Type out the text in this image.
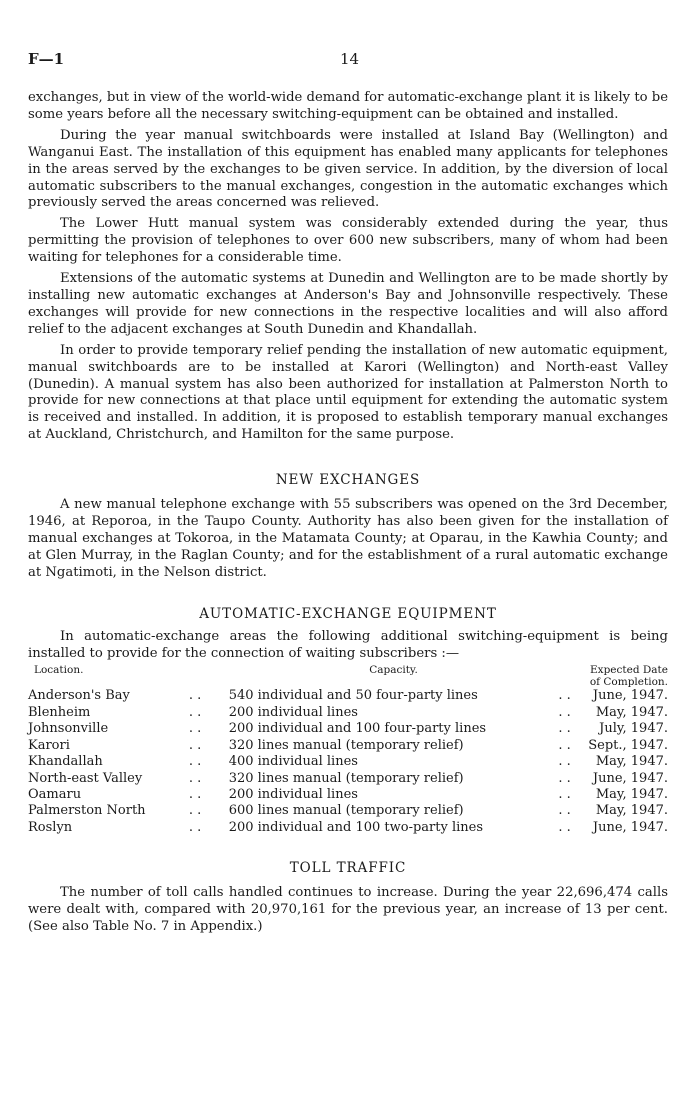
F—1	14

exchanges, but in view of the world-wide demand for automatic-exchange plant it is likely to be some years before all the necessary switching-equipment can be obtained and installed.

During the year manual switchboards were installed at Island Bay (Wellington) and Wanganui East. The installation of this equipment has enabled many applicants for telephones in the areas served by the exchanges to be given service. In addition, by the diversion of local automatic subscribers to the manual exchanges, congestion in the automatic exchanges which previously served the areas concerned was relieved.

The Lower Hutt manual system was considerably extended during the year, thus permitting the provision of telephones to over 600 new subscribers, many of whom had been waiting for telephones for a considerable time.

Extensions of the automatic systems at Dunedin and Wellington are to be made shortly by installing new automatic exchanges at Anderson's Bay and Johnsonville respectively. These exchanges will provide for new connections in the respective localities and will also afford relief to the adjacent exchanges at South Dunedin and Khandallah.

In order to provide temporary relief pending the installation of new automatic equipment, manual switchboards are to be installed at Karori (Wellington) and North-east Valley (Dunedin). A manual system has also been authorized for installation at Palmerston North to provide for new connections at that place until equipment for extending the automatic system is received and installed. In addition, it is proposed to establish temporary manual exchanges at Auckland, Christchurch, and Hamilton for the same purpose.

NEW EXCHANGES

A new manual telephone exchange with 55 subscribers was opened on the 3rd December, 1946, at Reporoa, in the Taupo County. Authority has also been given for the installation of manual exchanges at Tokoroa, in the Matamata County; at Oparau, in the Kawhia County; and at Glen Murray, in the Raglan County; and for the establishment of a rural automatic exchange at Ngatimoti, in the Nelson district.

AUTOMATIC-EXCHANGE EQUIPMENT

In automatic-exchange areas the following additional switching-equipment is being installed to provide for the connection of waiting subscribers :—

Location.		Capacity.		Expected Date
of Completion.

Anderson's Bay	. .	540 individual and 50 four-party lines	. .	June, 1947.
Blenheim	. .	200 individual lines	. .	May, 1947.
Johnsonville	. .	200 individual and 100 four-party lines	. .	July, 1947.
Karori	. .	320 lines manual (temporary relief)	. .	Sept., 1947.
Khandallah	. .	400 individual lines	. .	May, 1947.
North-east Valley	. .	320 lines manual (temporary relief)	. .	June, 1947.
Oamaru	. .	200 individual lines	. .	May, 1947.
Palmerston North	. .	600 lines manual (temporary relief)	. .	May, 1947.
Roslyn	. .	200 individual and 100 two-party lines	. .	June, 1947.
TOLL TRAFFIC

The number of toll calls handled continues to increase. During the year 22,696,474 calls were dealt with, compared with 20,970,161 for the previous year, an increase of 13 per cent. (See also Table No. 7 in Appendix.)
